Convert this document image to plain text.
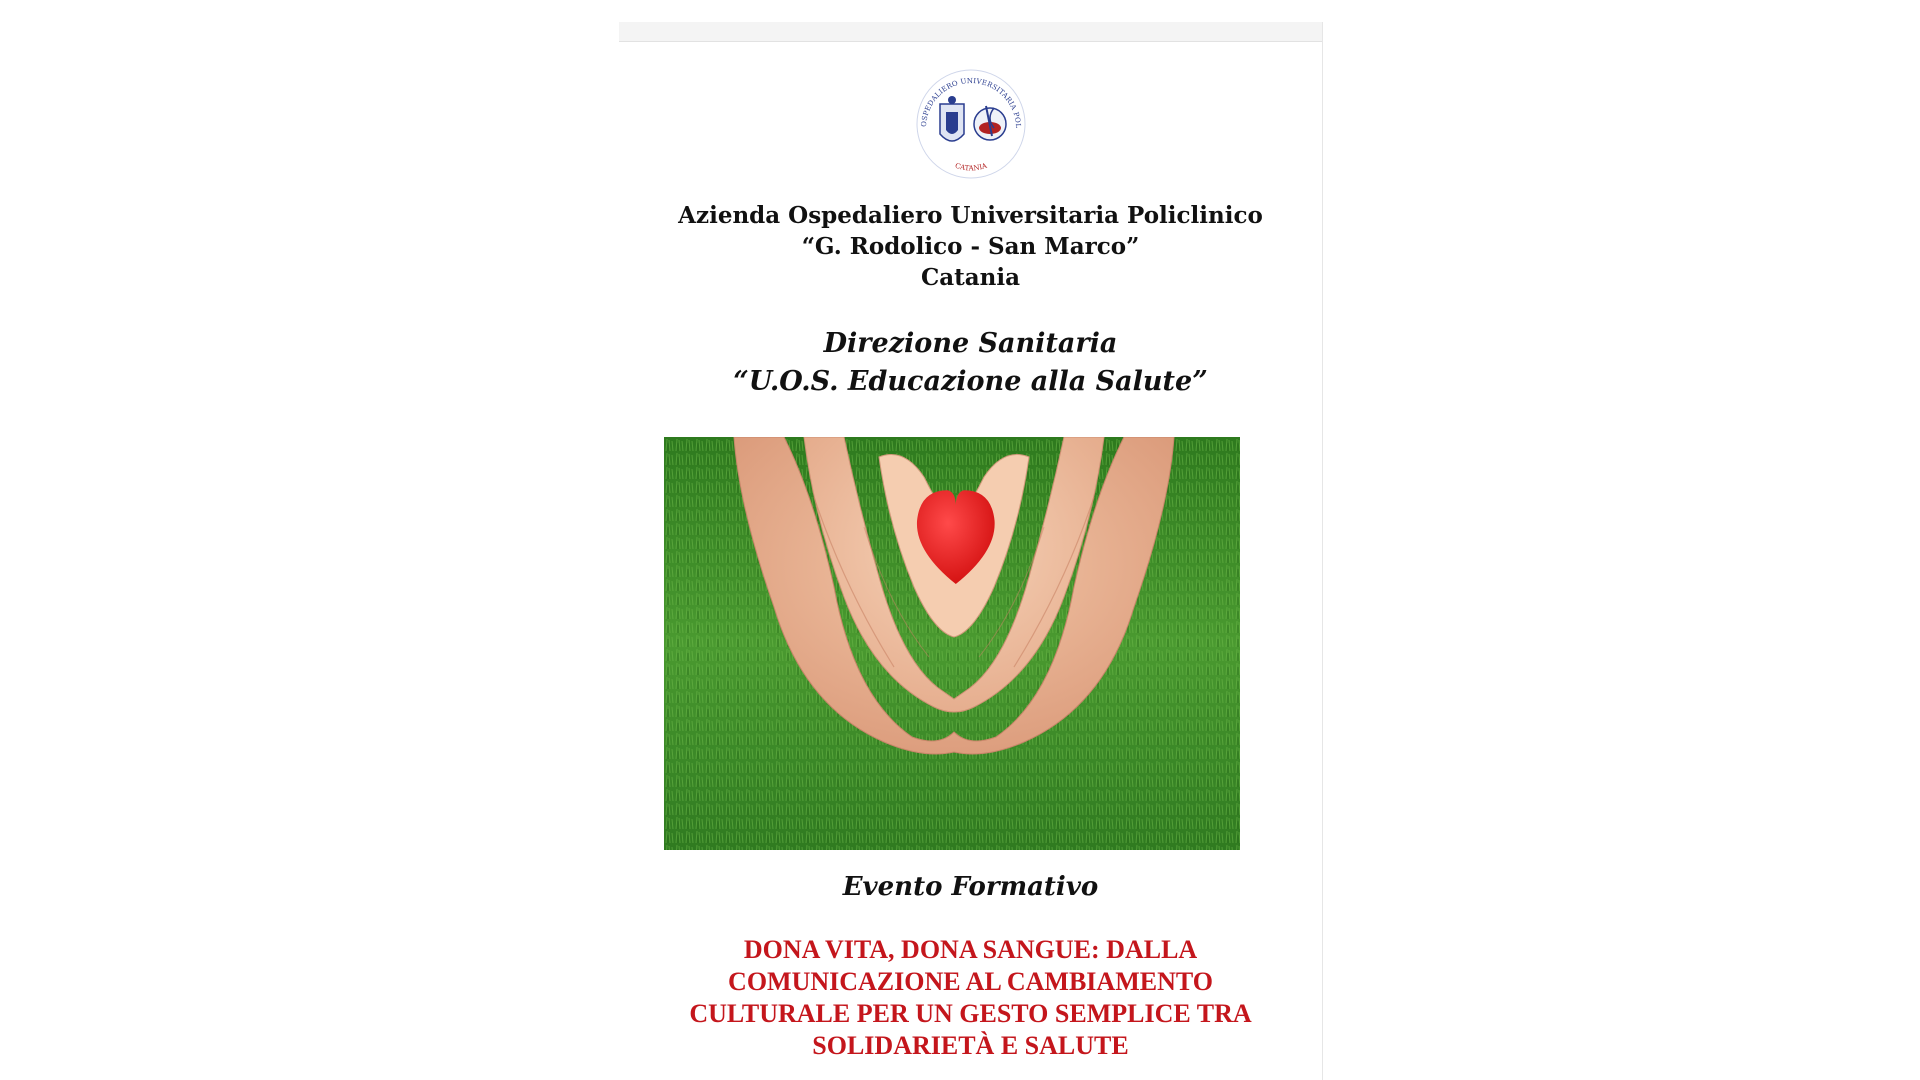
OSPEDALIERO UNIVERSITARIA POL
CATANIA
Azienda Ospedaliero Universitaria Policlinico
“G. Rodolico - San Marco”
Catania
Direzione Sanitaria
“U.O.S. Educazione alla Salute”
Evento Formativo
DONA VITA, DONA SANGUE: DALLA
COMUNICAZIONE AL CAMBIAMENTO
CULTURALE PER UN GESTO SEMPLICE TRA
SOLIDARIETÀ E SALUTE
